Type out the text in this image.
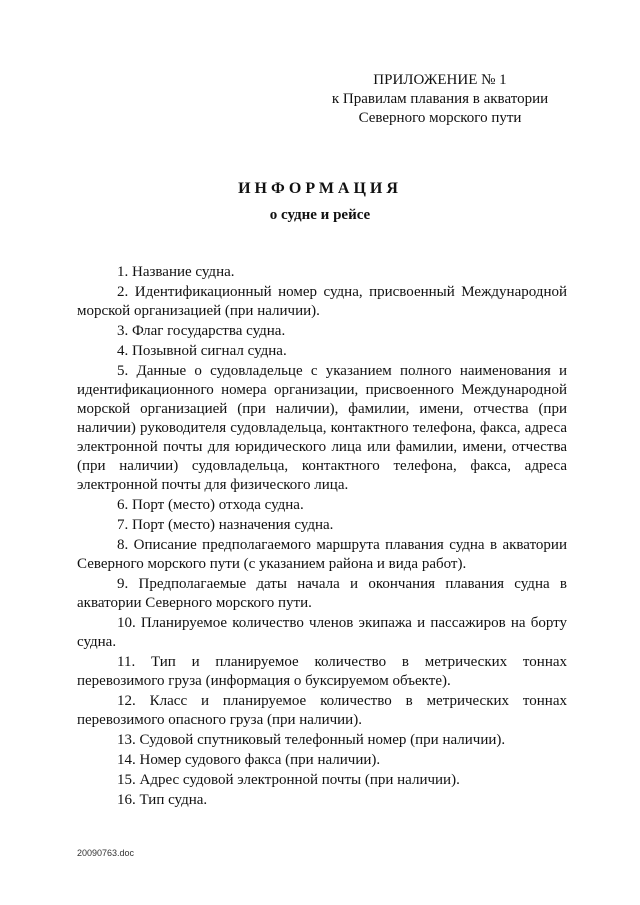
ПРИЛОЖЕНИЕ № 1
к Правилам плавания в акватории
Северного морского пути
ИНФОРМАЦИЯ
о судне и рейсе
1. Название судна.
2. Идентификационный номер судна, присвоенный Международной морской организацией (при наличии).
3. Флаг государства судна.
4. Позывной сигнал судна.
5. Данные о судовладельце с указанием полного наименования и идентификационного номера организации, присвоенного Международной морской организацией (при наличии), фамилии, имени, отчества (при наличии) руководителя судовладельца, контактного телефона, факса, адреса электронной почты для юридического лица или фамилии, имени, отчества (при наличии) судовладельца, контактного телефона, факса, адреса электронной почты для физического лица.
6. Порт (место) отхода судна.
7. Порт (место) назначения судна.
8. Описание предполагаемого маршрута плавания судна в акватории Северного морского пути (с указанием района и вида работ).
9. Предполагаемые даты начала и окончания плавания судна в акватории Северного морского пути.
10. Планируемое количество членов экипажа и пассажиров на борту судна.
11. Тип и планируемое количество в метрических тоннах перевозимого груза (информация о буксируемом объекте).
12. Класс и планируемое количество в метрических тоннах перевозимого опасного груза (при наличии).
13. Судовой спутниковый телефонный номер (при наличии).
14. Номер судового факса (при наличии).
15. Адрес судовой электронной почты (при наличии).
16. Тип судна.
20090763.doc
